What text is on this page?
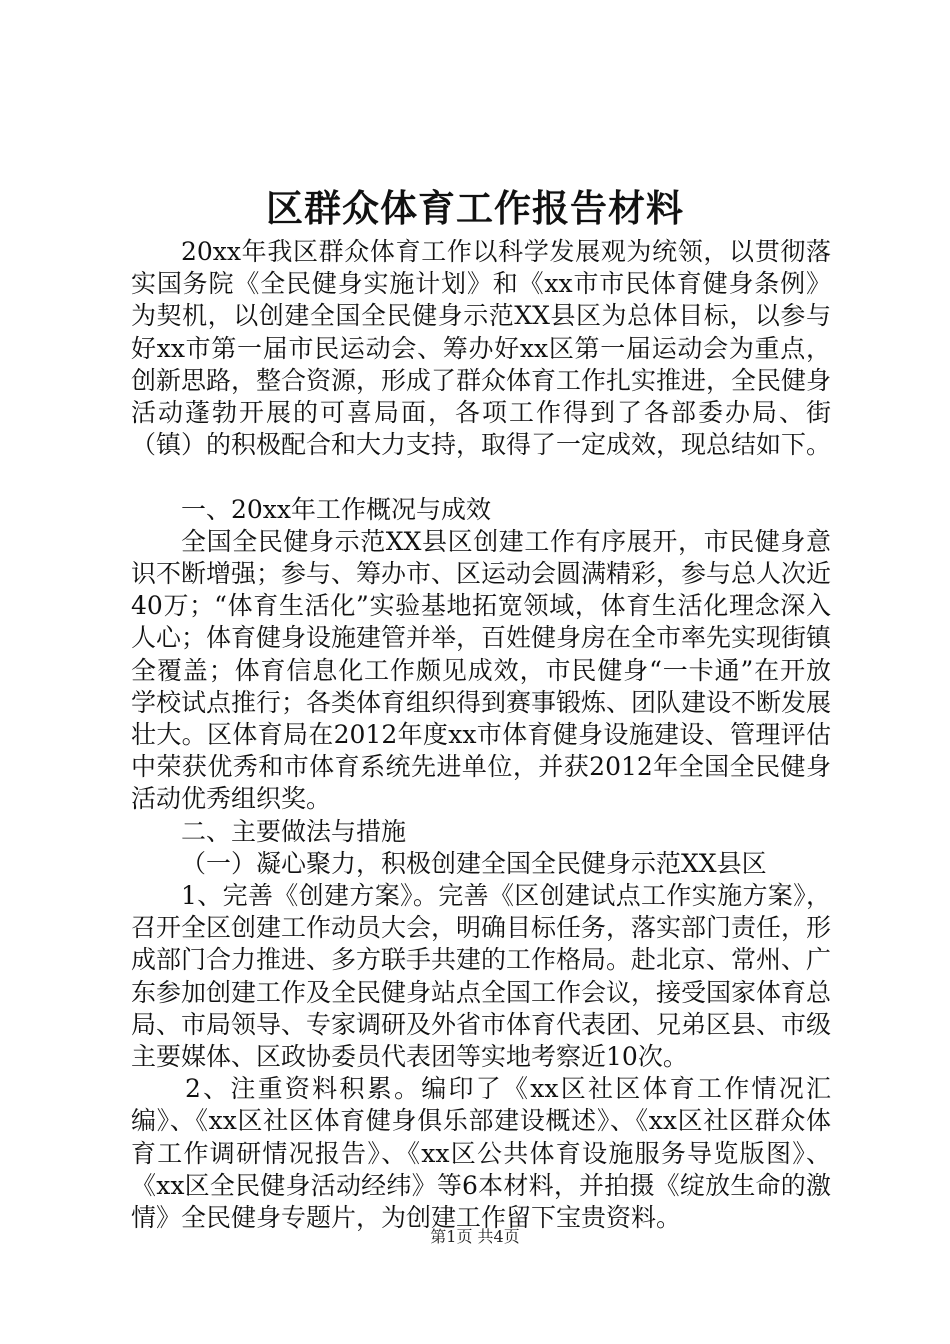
区群众体育工作报告材料

20xx年我区群众体育工作以科学发展观为统领，以贯彻落实国务院《全民健身实施计划》和《xx市市民体育健身条例》为契机，以创建全国全民健身示范XX县区为总体目标，以参与好xx市第一届市民运动会、筹办好xx区第一届运动会为重点，创新思路，整合资源，形成了群众体育工作扎实推进，全民健身活动蓬勃开展的可喜局面，各项工作得到了各部委办局、街（镇）的积极配合和大力支持，取得了一定成效，现总结如下。

一、20xx年工作概况与成效

全国全民健身示范XX县区创建工作有序展开，市民健身意识不断增强；参与、筹办市、区运动会圆满精彩，参与总人次近40万；“体育生活化”实验基地拓宽领域，体育生活化理念深入人心；体育健身设施建管并举，百姓健身房在全市率先实现街镇全覆盖；体育信息化工作颇见成效，市民健身“一卡通”在开放学校试点推行；各类体育组织得到赛事锻炼、团队建设不断发展壮大。区体育局在2012年度xx市体育健身设施建设、管理评估中荣获优秀和市体育系统先进单位，并获2012年全国全民健身活动优秀组织奖。

二、主要做法与措施

（一）凝心聚力，积极创建全国全民健身示范XX县区

1、完善《创建方案》。完善《区创建试点工作实施方案》，召开全区创建工作动员大会，明确目标任务，落实部门责任，形成部门合力推进、多方联手共建的工作格局。赴北京、常州、广东参加创建工作及全民健身站点全国工作会议，接受国家体育总局、市局领导、专家调研及外省市体育代表团、兄弟区县、市级主要媒体、区政协委员代表团等实地考察近10次。

2、注重资料积累。编印了《xx区社区体育工作情况汇编》、《xx区社区体育健身俱乐部建设概述》、《xx区社区群众体育工作调研情况报告》、《xx区公共体育设施服务导览版图》、《xx区全民健身活动经纬》等6本材料，并拍摄《绽放生命的激情》全民健身专题片，为创建工作留下宝贵资料。

第1页 共4页
